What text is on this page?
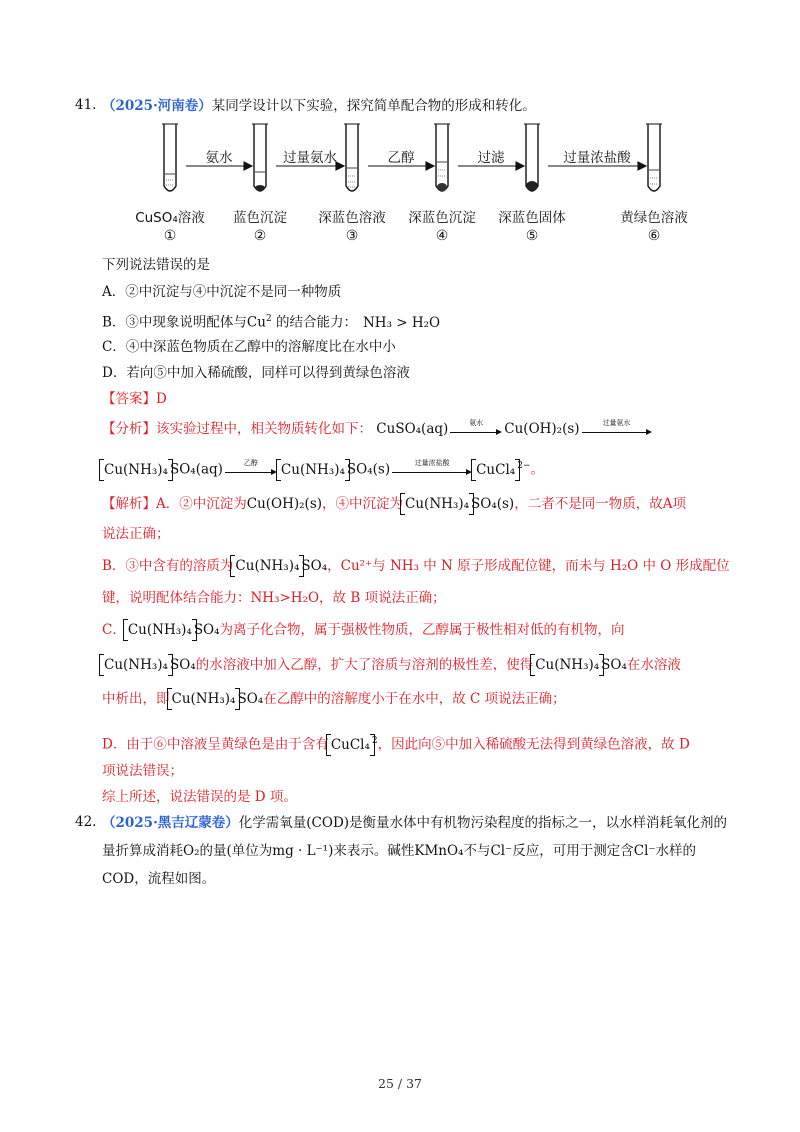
41. （2025·河南卷）某同学设计以下实验，探究简单配合物的形成和转化。
氨水	过量氨水	乙醇	过滤	过量浓盐酸
CuSO₄溶液	蓝色沉淀	深蓝色溶液	深蓝色沉淀	深蓝色固体	黄绿色溶液
①	②	③	④	⑤	⑥
下列说法错误的是
A．②中沉淀与④中沉淀不是同一种物质
B．③中现象说明配体与Cu$^2$ 的结合能力： NH₃ > H₂O
C．④中深蓝色物质在乙醇中的溶解度比在水中小
D．若向⑤中加入稀硫酸，同样可以得到黄绿色溶液
【答案】D
【分析】该实验过程中，相关物质转化如下： CuSO₄(aq)	氨水	Cu(OH)₂(s)	过量氨水
Cu(NH₃)₄ SO₄(aq)	乙醇	Cu(NH₃)₄ SO₄(s)	过量浓盐酸	CuCl₄ $^{2-}$。
【解析】A．②中沉淀为Cu(OH)₂(s)，④中沉淀为 Cu(NH₃)₄ SO₄(s)，二者不是同一物质，故A项
说法正确；
B．③中含有的溶质为 Cu(NH₃)₄ SO₄，Cu²⁺与 NH₃ 中 N 原子形成配位键，而未与 H₂O 中 O 形成配位
键，说明配体结合能力：NH₃>H₂O，故 B 项说法正确；
C． Cu(NH₃)₄ SO₄为离子化合物，属于强极性物质，乙醇属于极性相对低的有机物，向
Cu(NH₃)₄ SO₄的水溶液中加入乙醇，扩大了溶质与溶剂的极性差，使得 Cu(NH₃)₄ SO₄在水溶液
中析出，即 Cu(NH₃)₄ SO₄在乙醇中的溶解度小于在水中，故 C 项说法正确；
D．由于⑥中溶液呈黄绿色是由于含有 CuCl₄ $^2$，因此向⑤中加入稀硫酸无法得到黄绿色溶液，故 D
项说法错误；
综上所述，说法错误的是 D 项。
42. （2025·黑吉辽蒙卷）化学需氧量(COD)是衡量水体中有机物污染程度的指标之一，以水样消耗氧化剂的
量折算成消耗O₂的量(单位为mg · L⁻¹)来表示。碱性KMnO₄不与Cl⁻反应，可用于测定含Cl⁻水样的
COD，流程如图。
25 / 37
